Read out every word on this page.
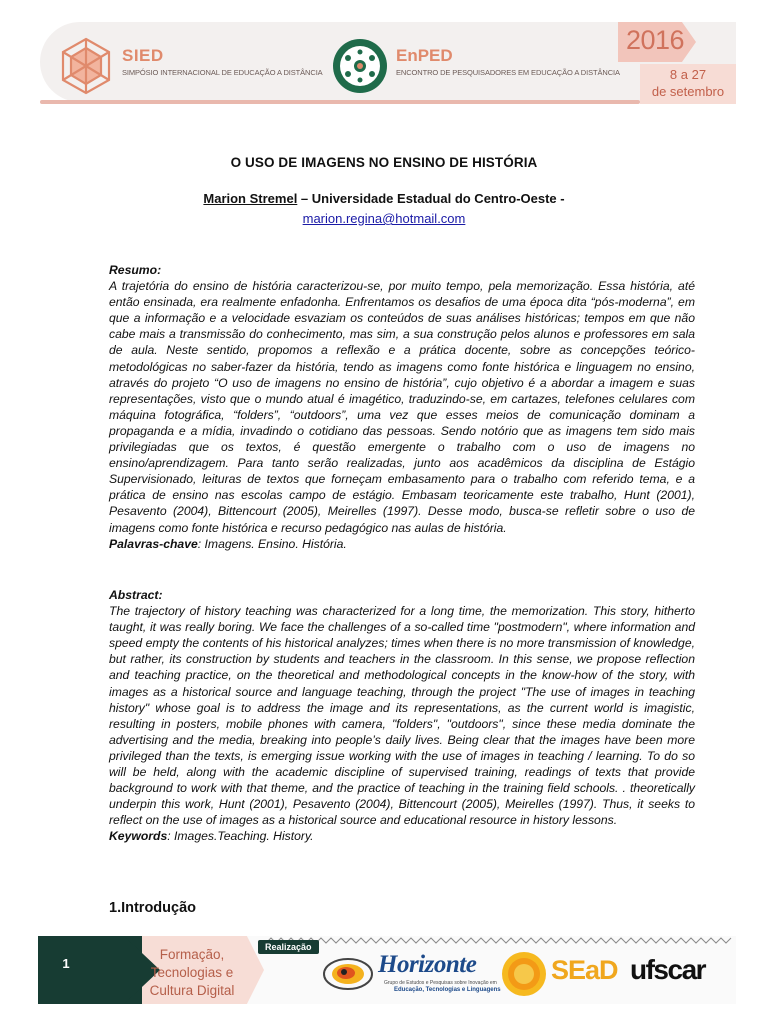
SIED
SIMPÓSIO INTERNACIONAL DE EDUCAÇÃO A DISTÂNCIA
EnPED
ENCONTRO DE PESQUISADORES EM EDUCAÇÃO A DISTÂNCIA
2016
8 a 27
de setembro
O USO DE IMAGENS NO ENSINO DE HISTÓRIA
Marion Stremel – Universidade Estadual do Centro-Oeste -
marion.regina@hotmail.com
Resumo:

A trajetória do ensino de história caracterizou-se, por muito tempo, pela memorização. Essa história, até então ensinada, era realmente enfadonha. Enfrentamos os desafios de uma época dita “pós-moderna”, em que a informação e a velocidade esvaziam os conteúdos de suas análises históricas; tempos em que não cabe mais a transmissão do conhecimento, mas sim, a sua construção pelos alunos e professores em sala de aula. Neste sentido, propomos a reflexão e a prática docente, sobre as concepções teórico-metodológicas no saber-fazer da história, tendo as imagens como fonte histórica e linguagem no ensino, através do projeto “O uso de imagens no ensino de história”, cujo objetivo é a abordar a imagem e suas representações, visto que o mundo atual é imagético, traduzindo-se, em cartazes, telefones celulares com máquina fotográfica, “folders”, “outdoors”, uma vez que esses meios de comunicação dominam a propaganda e a mídia, invadindo o cotidiano das pessoas. Sendo notório que as imagens tem sido mais privilegiadas que os textos, é questão emergente o trabalho com o uso de imagens no ensino/aprendizagem. Para tanto serão realizadas, junto aos acadêmicos da disciplina de Estágio Supervisionado, leituras de textos que forneçam embasamento para o trabalho com referido tema, e a prática de ensino nas escolas campo de estágio. Embasam teoricamente este trabalho, Hunt (2001), Pesavento (2004), Bittencourt (2005), Meirelles (1997). Desse modo, busca-se refletir sobre o uso de imagens como fonte histórica e recurso pedagógico nas aulas de história.

Palavras-chave: Imagens. Ensino. História.
Abstract:

The trajectory of history teaching was characterized for a long time, the memorization. This story, hitherto taught, it was really boring. We face the challenges of a so-called time "postmodern", where information and speed empty the contents of his historical analyzes; times when there is no more transmission of knowledge, but rather, its construction by students and teachers in the classroom. In this sense, we propose reflection and teaching practice, on the theoretical and methodological concepts in the know-how of the story, with images as a historical source and language teaching, through the project "The use of images in teaching history" whose goal is to address the image and its representations, as the current world is imagistic, resulting in posters, mobile phones with camera, "folders", "outdoors", since these media dominate the advertising and the media, breaking into people’s daily lives. Being clear that the images have been more privileged than the texts, is emerging issue working with the use of images in teaching / learning. To do so will be held, along with the academic discipline of supervised training, readings of texts that provide background to work with that theme, and the practice of teaching in the training field schools. . theoretically underpin this work, Hunt (2001), Pesavento (2004), Bittencourt (2005), Meirelles (1997). Thus, it seeks to reflect on the use of images as a historical source and educational resource in history lessons.

Keywords: Images.Teaching. History.
1.Introdução
1
Formação,
Tecnologias e
Cultura Digital
Realização
Horizonte
Grupo de Estudos e Pesquisas sobre Inovação em
Educação, Tecnologias e Linguagens
SEaD ufscar
